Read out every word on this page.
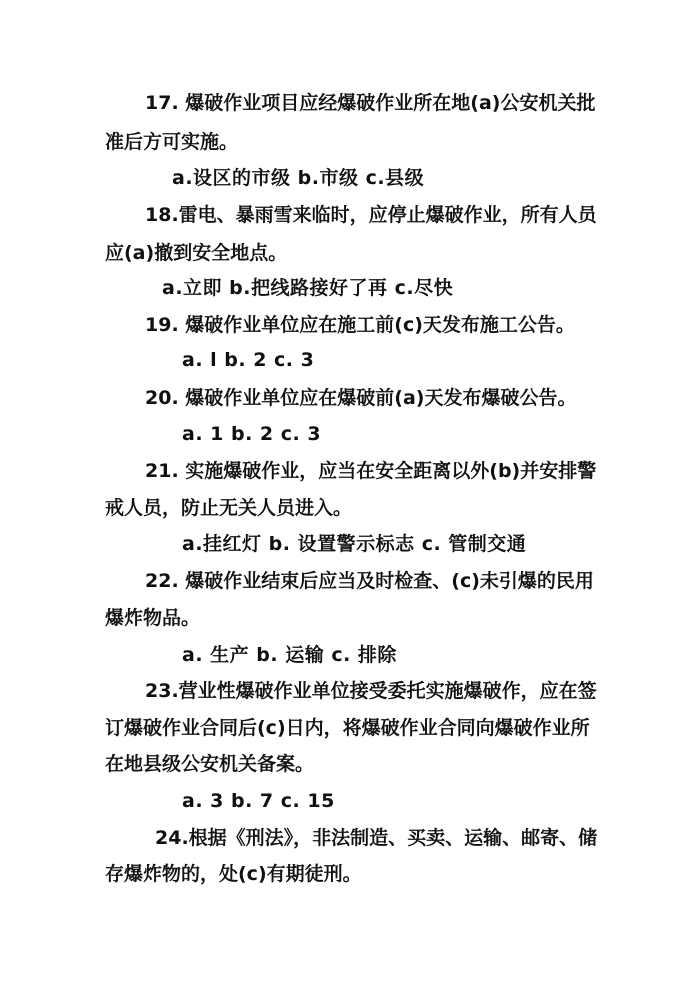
17. 爆破作业项目应经爆破作业所在地(a)公安机关批
准后方可实施。
a.设区的市级 b.市级 c.县级
18.雷电、暴雨雪来临时，应停止爆破作业，所有人员
应(a)撤到安全地点。
a.立即 b.把线路接好了再 c.尽快
19. 爆破作业单位应在施工前(c)天发布施工公告。
a. l b. 2 c. 3
20. 爆破作业单位应在爆破前(a)天发布爆破公告。
a. 1 b. 2 c. 3
21. 实施爆破作业，应当在安全距离以外(b)并安排警
戒人员，防止无关人员进入。
a.挂红灯 b. 设置警示标志 c. 管制交通
22. 爆破作业结束后应当及时检查、(c)未引爆的民用
爆炸物品。
a. 生产 b. 运输 c. 排除
23.营业性爆破作业单位接受委托实施爆破作，应在签
订爆破作业合同后(c)日内，将爆破作业合同向爆破作业所
在地县级公安机关备案。
a. 3 b. 7 c. 15
24.根据《刑法》，非法制造、买卖、运输、邮寄、储
存爆炸物的，处(c)有期徒刑。
